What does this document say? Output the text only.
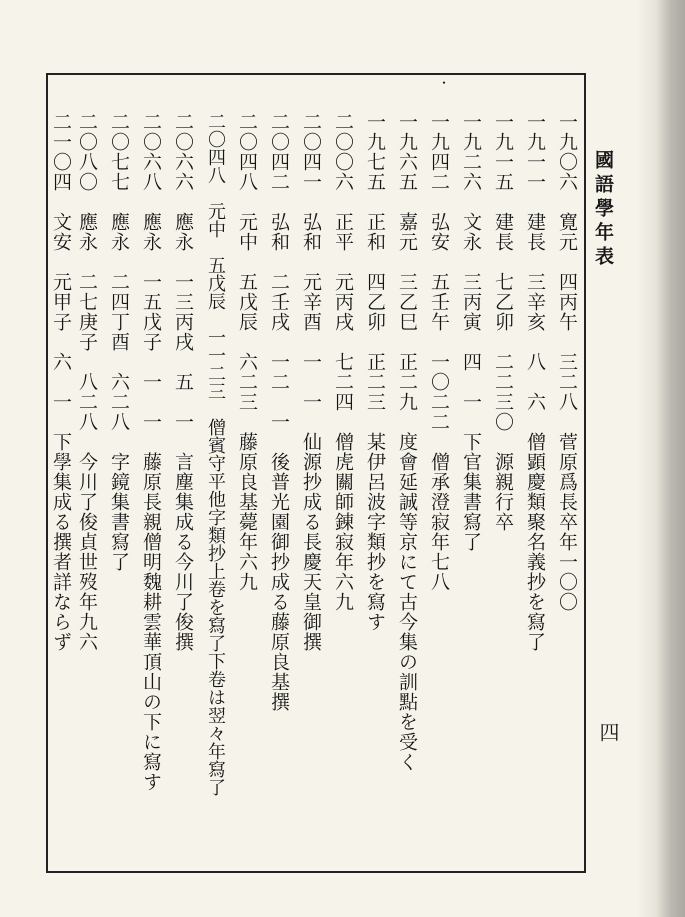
・
國語學年表
四
一九〇六　寛元　四丙午　三二八　菅原爲長卒年一〇〇
一九一一　建長　三辛亥　八　六　僧顕慶類聚名義抄を寫了
一九一五　建長　七乙卯　二二三〇　源親行卒
一九二六　文永　三丙寅　四　一　下官集書寫了
一九四二　弘安　五壬午　一〇二二　僧承澄寂年七八
一九六五　嘉元　三乙巳　正二九　度會延誠等京にて古今集の訓點を受く
一九七五　正和　四乙卯　正二三　某伊呂波字類抄を寫す
二〇〇六　正平　元丙戌　七二四　僧虎關師錬寂年六九
二〇四一　弘和　元辛酉　一　一　仙源抄成る長慶天皇御撰
二〇四二　弘和　二壬戌　一二　一　後普光園御抄成る藤原良基撰
二〇四八　元中　五戊辰　六二三　藤原良基薨年六九
二〇四八　元中　五戊辰　一一二三　僧賓守平他字類抄上卷を寫了下卷は翌々年寫了
二〇六六　應永　一三丙戌　五　一　言塵集成る今川了俊撰
二〇六八　應永　一五戊子　一　一　藤原長親僧明魏耕雲華頂山の下に寫す
二〇七七　應永　二四丁酉　六二八　字鏡集書寫了
二〇八〇　應永　二七庚子　八二八　今川了俊貞世歿年九六
二一〇四　文安　元甲子　六　一　下學集成る撰者詳ならず
